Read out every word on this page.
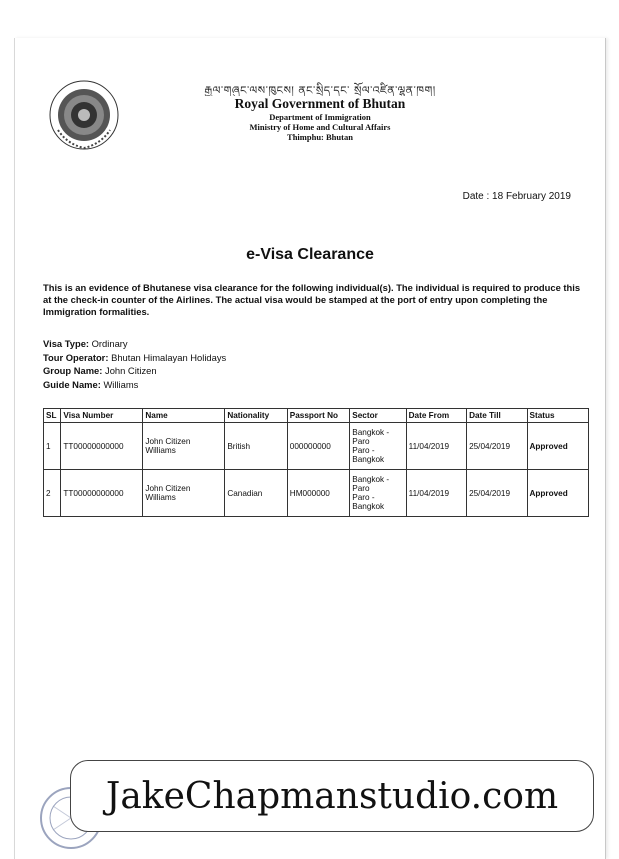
རྒྱལ་གཞུང་ལས་ཁུངས། ནང་སྲིད་དང་ སྲོལ་འཛིན་ལྷན་ཁག།
Royal Government of Bhutan
Department of Immigration
Ministry of Home and Cultural Affairs
Thimphu: Bhutan
Date : 18 February 2019
e-Visa Clearance
This is an evidence of Bhutanese visa clearance for the following individual(s). The individual is required to produce this at the check-in counter of the Airlines. The actual visa would be stamped at the port of entry upon completing the Immigration formalities.
Visa Type: Ordinary
Tour Operator: Bhutan Himalayan Holidays
Group Name: John Citizen
Guide Name: Williams
SL	Visa Number	Name	Nationality	Passport No	Sector	Date From	Date Till	Status
1	TT00000000000	John Citizen Williams	British	000000000	Bangkok -
Paro
Paro -
Bangkok	11/04/2019	25/04/2019	Approved
2	TT00000000000	John Citizen Williams	Canadian	HM000000	Bangkok -
Paro
Paro -
Bangkok	11/04/2019	25/04/2019	Approved
JakeChapmanstudio.com
